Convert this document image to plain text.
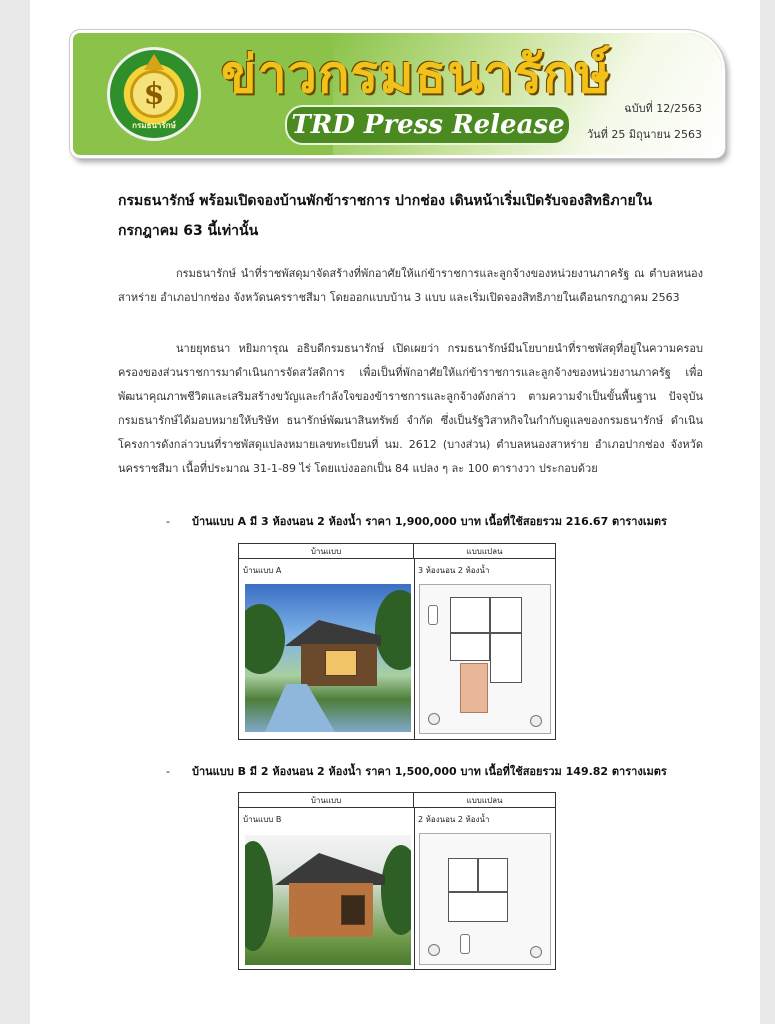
$
กรมธนารักษ์
ข่าวกรมธนารักษ์
TRD Press Release
ฉบับที่ 12/2563
วันที่ 25 มิถุนายน 2563
กรมธนารักษ์ พร้อมเปิดจองบ้านพักข้าราชการ ปากช่อง เดินหน้าเริ่มเปิดรับจองสิทธิภายในกรกฎาคม 63 นี้เท่านั้น
กรมธนารักษ์ นำที่ราชพัสดุมาจัดสร้างที่พักอาศัยให้แก่ข้าราชการและลูกจ้างของหน่วยงานภาครัฐ ณ ตำบลหนองสาหร่าย อำเภอปากช่อง จังหวัดนครราชสีมา โดยออกแบบบ้าน 3 แบบ และเริ่มเปิดจองสิทธิภายในเดือนกรกฎาคม 2563
นายยุทธนา หยิมการุณ อธิบดีกรมธนารักษ์ เปิดเผยว่า กรมธนารักษ์มีนโยบายนำที่ราชพัสดุที่อยู่ในความครอบครองของส่วนราชการมาดำเนินการจัดสวัสดิการ เพื่อเป็นที่พักอาศัยให้แก่ข้าราชการและลูกจ้างของหน่วยงานภาครัฐ เพื่อพัฒนาคุณภาพชีวิตและเสริมสร้างขวัญและกำลังใจของข้าราชการและลูกจ้างดังกล่าว ตามความจำเป็นขั้นพื้นฐาน ปัจจุบันกรมธนารักษ์ได้มอบหมายให้บริษัท ธนารักษ์พัฒนาสินทรัพย์ จำกัด ซึ่งเป็นรัฐวิสาหกิจในกำกับดูแลของกรมธนารักษ์ ดำเนินโครงการดังกล่าวบนที่ราชพัสดุแปลงหมายเลขทะเบียนที่ นม. 2612 (บางส่วน) ตำบลหนองสาหร่าย อำเภอปากช่อง จังหวัดนครราชสีมา เนื้อที่ประมาณ 31-1-89 ไร่ โดยแบ่งออกเป็น 84 แปลง ๆ ละ 100 ตารางวา ประกอบด้วย
- บ้านแบบ A มี 3 ห้องนอน 2 ห้องน้ำ ราคา 1,900,000 บาท เนื้อที่ใช้สอยรวม 216.67 ตารางเมตร
บ้านแบบ	แบบแปลน
บ้านแบบ A	3 ห้องนอน 2 ห้องน้ำ
- บ้านแบบ B มี 2 ห้องนอน 2 ห้องน้ำ ราคา 1,500,000 บาท เนื้อที่ใช้สอยรวม 149.82 ตารางเมตร
บ้านแบบ	แบบแปลน
บ้านแบบ B	2 ห้องนอน 2 ห้องน้ำ
